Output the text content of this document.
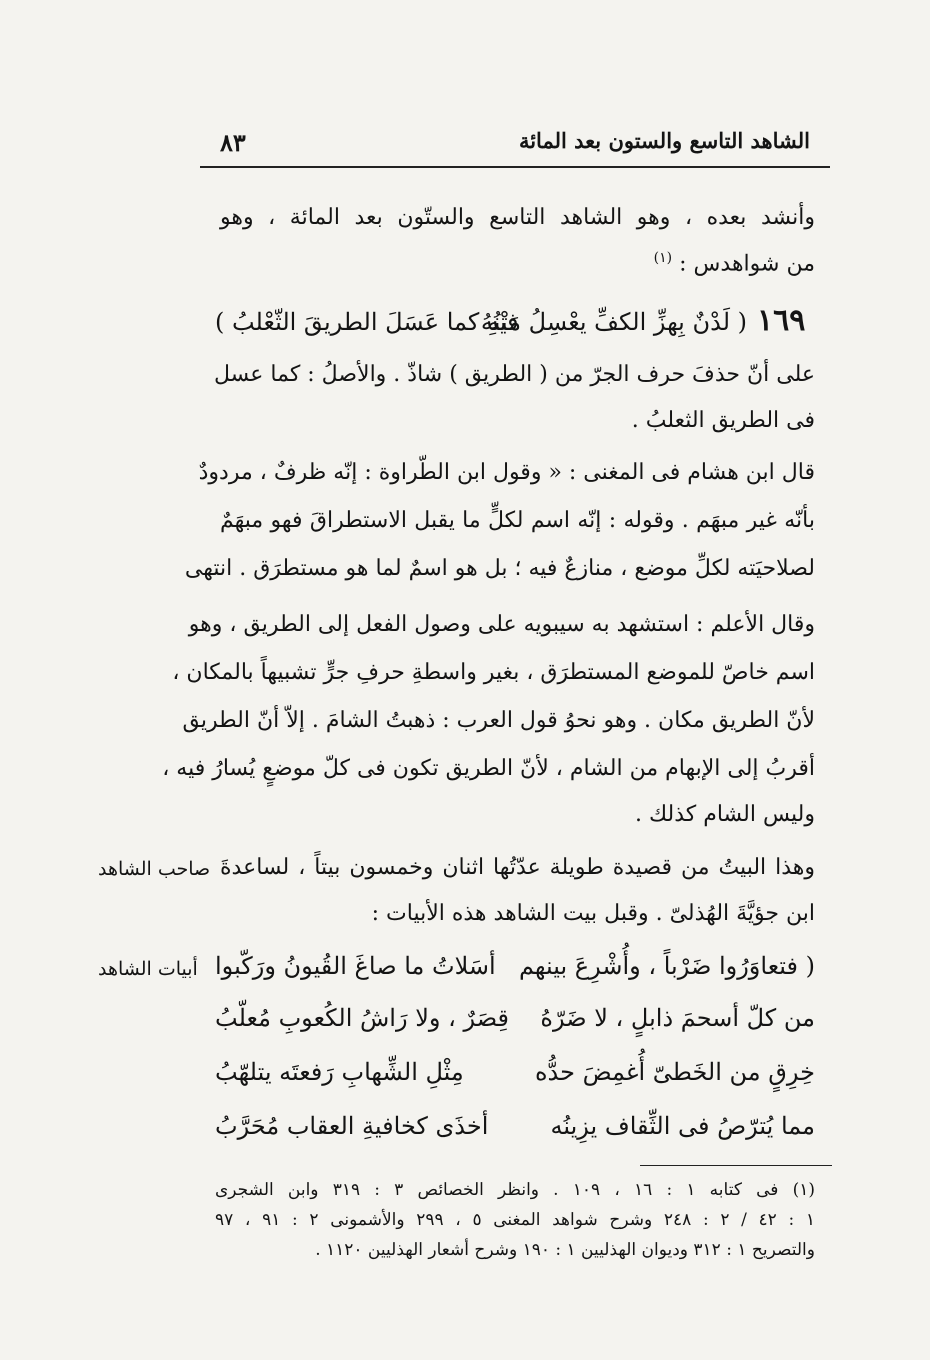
الشاهد التاسع والستون بعد المائة
٨٣
وأنشد بعده ، وهو الشاهد التاسع والستّون بعد المائة ، وهو
من شواهدس : $^{(١)}$
١٦٩
( لَدْنٌ بِهزِّ الكفِّ يعْسِلُ مَتْنُهُ
فيهِ كما عَسَلَ الطريقَ الثّعْلبُ )
على أنّ حذفَ حرف الجرّ من ( الطريق ) شاذّ . والأصلُ : كما عسل
فى الطريق الثعلبُ .
قال ابن هشام فى المغنى : « وقول ابن الطّراوة : إنّه ظرفٌ ، مردودٌ
بأنّه غير مبهَم . وقوله : إنّه اسم لكلٍّ ما يقبل الاستطراقَ فهو مبهَمٌ
لصلاحيَته لكلِّ موضع ، منازعٌ فيه ؛ بل هو اسمٌ لما هو مستطرَق . انتهى
وقال الأعلم : استشهد به سيبويه على وصول الفعل إلى الطريق ، وهو
اسم خاصّ للموضع المستطرَق ، بغير واسطةِ حرفِ جرٍّ تشبيهاً بالمكان ،
لأنّ الطريق مكان . وهو نحوُ قول العرب : ذهبتُ الشامَ . إلاّ أنّ الطريق
أقربُ إلى الإبهام من الشام ، لأنّ الطريق تكون فى كلّ موضعٍ يُسارُ فيه ،
وليس الشام كذلك .
وهذا البيتُ من قصيدة طويلة عدّتُها اثنان وخمسون بيتاً ، لساعدةَ
ابن جؤيَّةَ الهُذلىّ . وقبل بيت الشاهد هذه الأبيات :
صاحب الشاهد
أبيات الشاهد	( فتعاوَرُوا ضَرْباً ، وأُشْرِعَ بينهم
أسَلاتُ ما صاغَ القُيونُ ورَكّبوا
من كلّ أسحمَ ذابلٍ ، لا ضَرّهُ
قِصَرٌ ، ولا رَاشُ الكُعوبِ مُعلّبُ
خِرِقٍ من الخَطىّ أُغمِضَ حدُّه
مِثْلِ الشِّهابِ رَفعتَه يتلهّبُ
مما يُترّصُ فى الثِّقاف يزِينُه
أخذَى كخافيةِ العقاب مُحَرَّبُ
(١) فى كتابه ١ : ١٦ ، ١٠٩ . وانظر الخصائص ٣ : ٣١٩ وابن الشجرى
١ : ٤٢ / ٢ : ٢٤٨ وشرح شواهد المغنى ٥ ، ٢٩٩ والأشمونى ٢ : ٩١ ، ٩٧
والتصريح ١ : ٣١٢ وديوان الهذليين ١ : ١٩٠ وشرح أشعار الهذليين ١١٢٠ .
